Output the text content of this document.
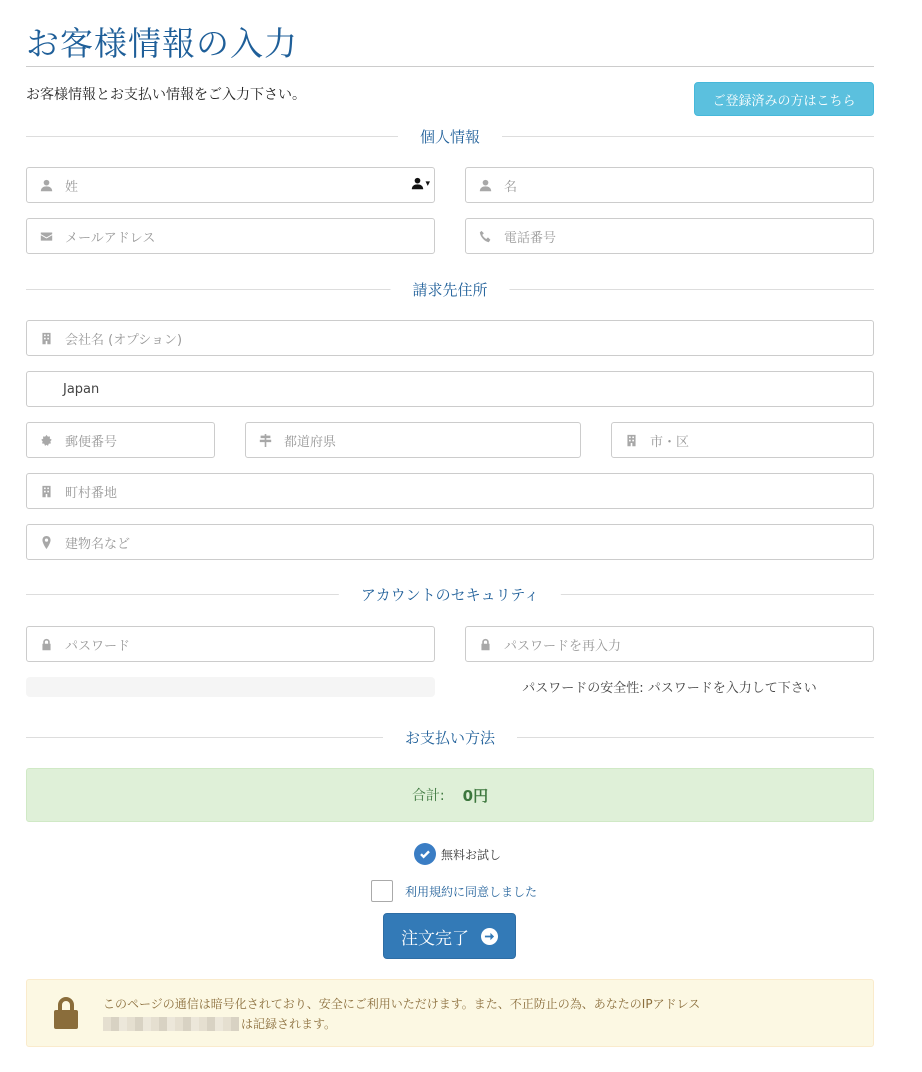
お客様情報の入力
お客様情報とお支払い情報をご入力下さい。	ご登録済みの方はこちら
個人情報
姓	▾	名
メールアドレス	電話番号
請求先住所
会社名 (オプション)
Japan
郵便番号	都道府県	市・区
町村番地
建物名など
アカウントのセキュリティ
パスワード	パスワードを再入力
パスワードの安全性: パスワードを入力して下さい
お支払い方法
合計: 0円
無料お試し
利用規約に同意しました
注文完了
このページの通信は暗号化されており、安全にご利用いただけます。また、不正防止の為、あなたのIPアドレス
は記録されます。
